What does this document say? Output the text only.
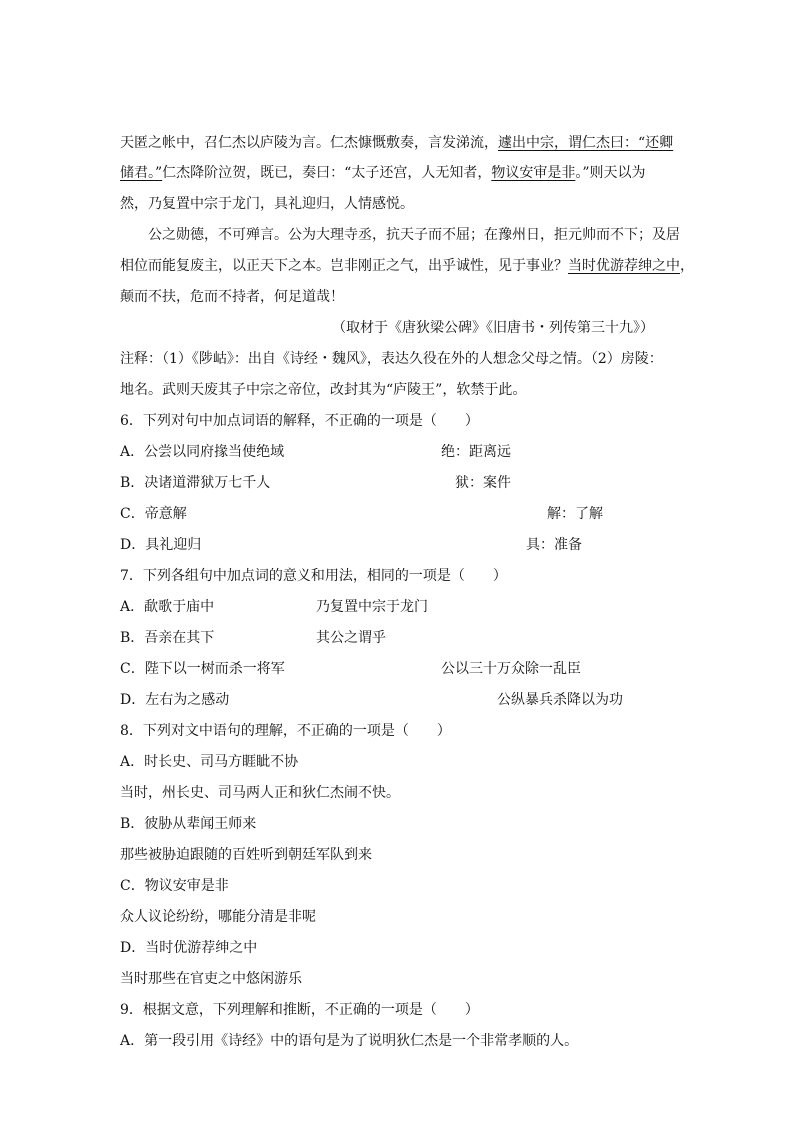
天匿之帐中，召仁杰以庐陵为言。仁杰慷慨敷奏，言发涕流，遽出中宗，谓仁杰曰：“还卿

储君。”仁杰降阶泣贺，既已，奏曰：“太子还宫，人无知者，物议安审是非。”则天以为

然，乃复置中宗于龙门，具礼迎归，人情感悦。

公之勋德，不可殚言。公为大理寺丞，抗天子而不屈；在豫州日，拒元帅而不下；及居

相位而能复废主，以正天下之本。岂非刚正之气，出乎诚性，见于事业？当时优游荐绅之中，

颠而不扶，危而不持者，何足道哉！

（取材于《唐狄梁公碑》《旧唐书・列传第三十九》）

注释：（1）《陟岵》：出自《诗经・魏风》，表达久役在外的人想念父母之情。（2）房陵：

地名。武则天废其子中宗之帝位，改封其为“庐陵王”，软禁于此。

6．下列对句中加点词语的解释，不正确的一项是（　　）

A．公尝以同府掾当使绝域	绝：距离远
B．决诸道滞狱万七千人	狱：案件
C．帝意解	解：了解
D．具礼迎归	具：准备

7．下列各组句中加点词的意义和用法，相同的一项是（　　）

A．歃歌于庙中	乃复置中宗于龙门
B．吾亲在其下	其公之谓乎
C．陛下以一树而杀一将军	公以三十万众除一乱臣
D．左右为之感动	公纵暴兵杀降以为功

8．下列对文中语句的理解，不正确的一项是（　　）

A．时长史、司马方睚眦不协
当时，州长史、司马两人正和狄仁杰闹不快。
B．彼胁从辈闻王师来
那些被胁迫跟随的百姓听到朝廷军队到来
C．物议安审是非
众人议论纷纷，哪能分清是非呢
D．当时优游荐绅之中
当时那些在官吏之中悠闲游乐

9．根据文意，下列理解和推断，不正确的一项是（　　）

A．第一段引用《诗经》中的语句是为了说明狄仁杰是一个非常孝顺的人。
